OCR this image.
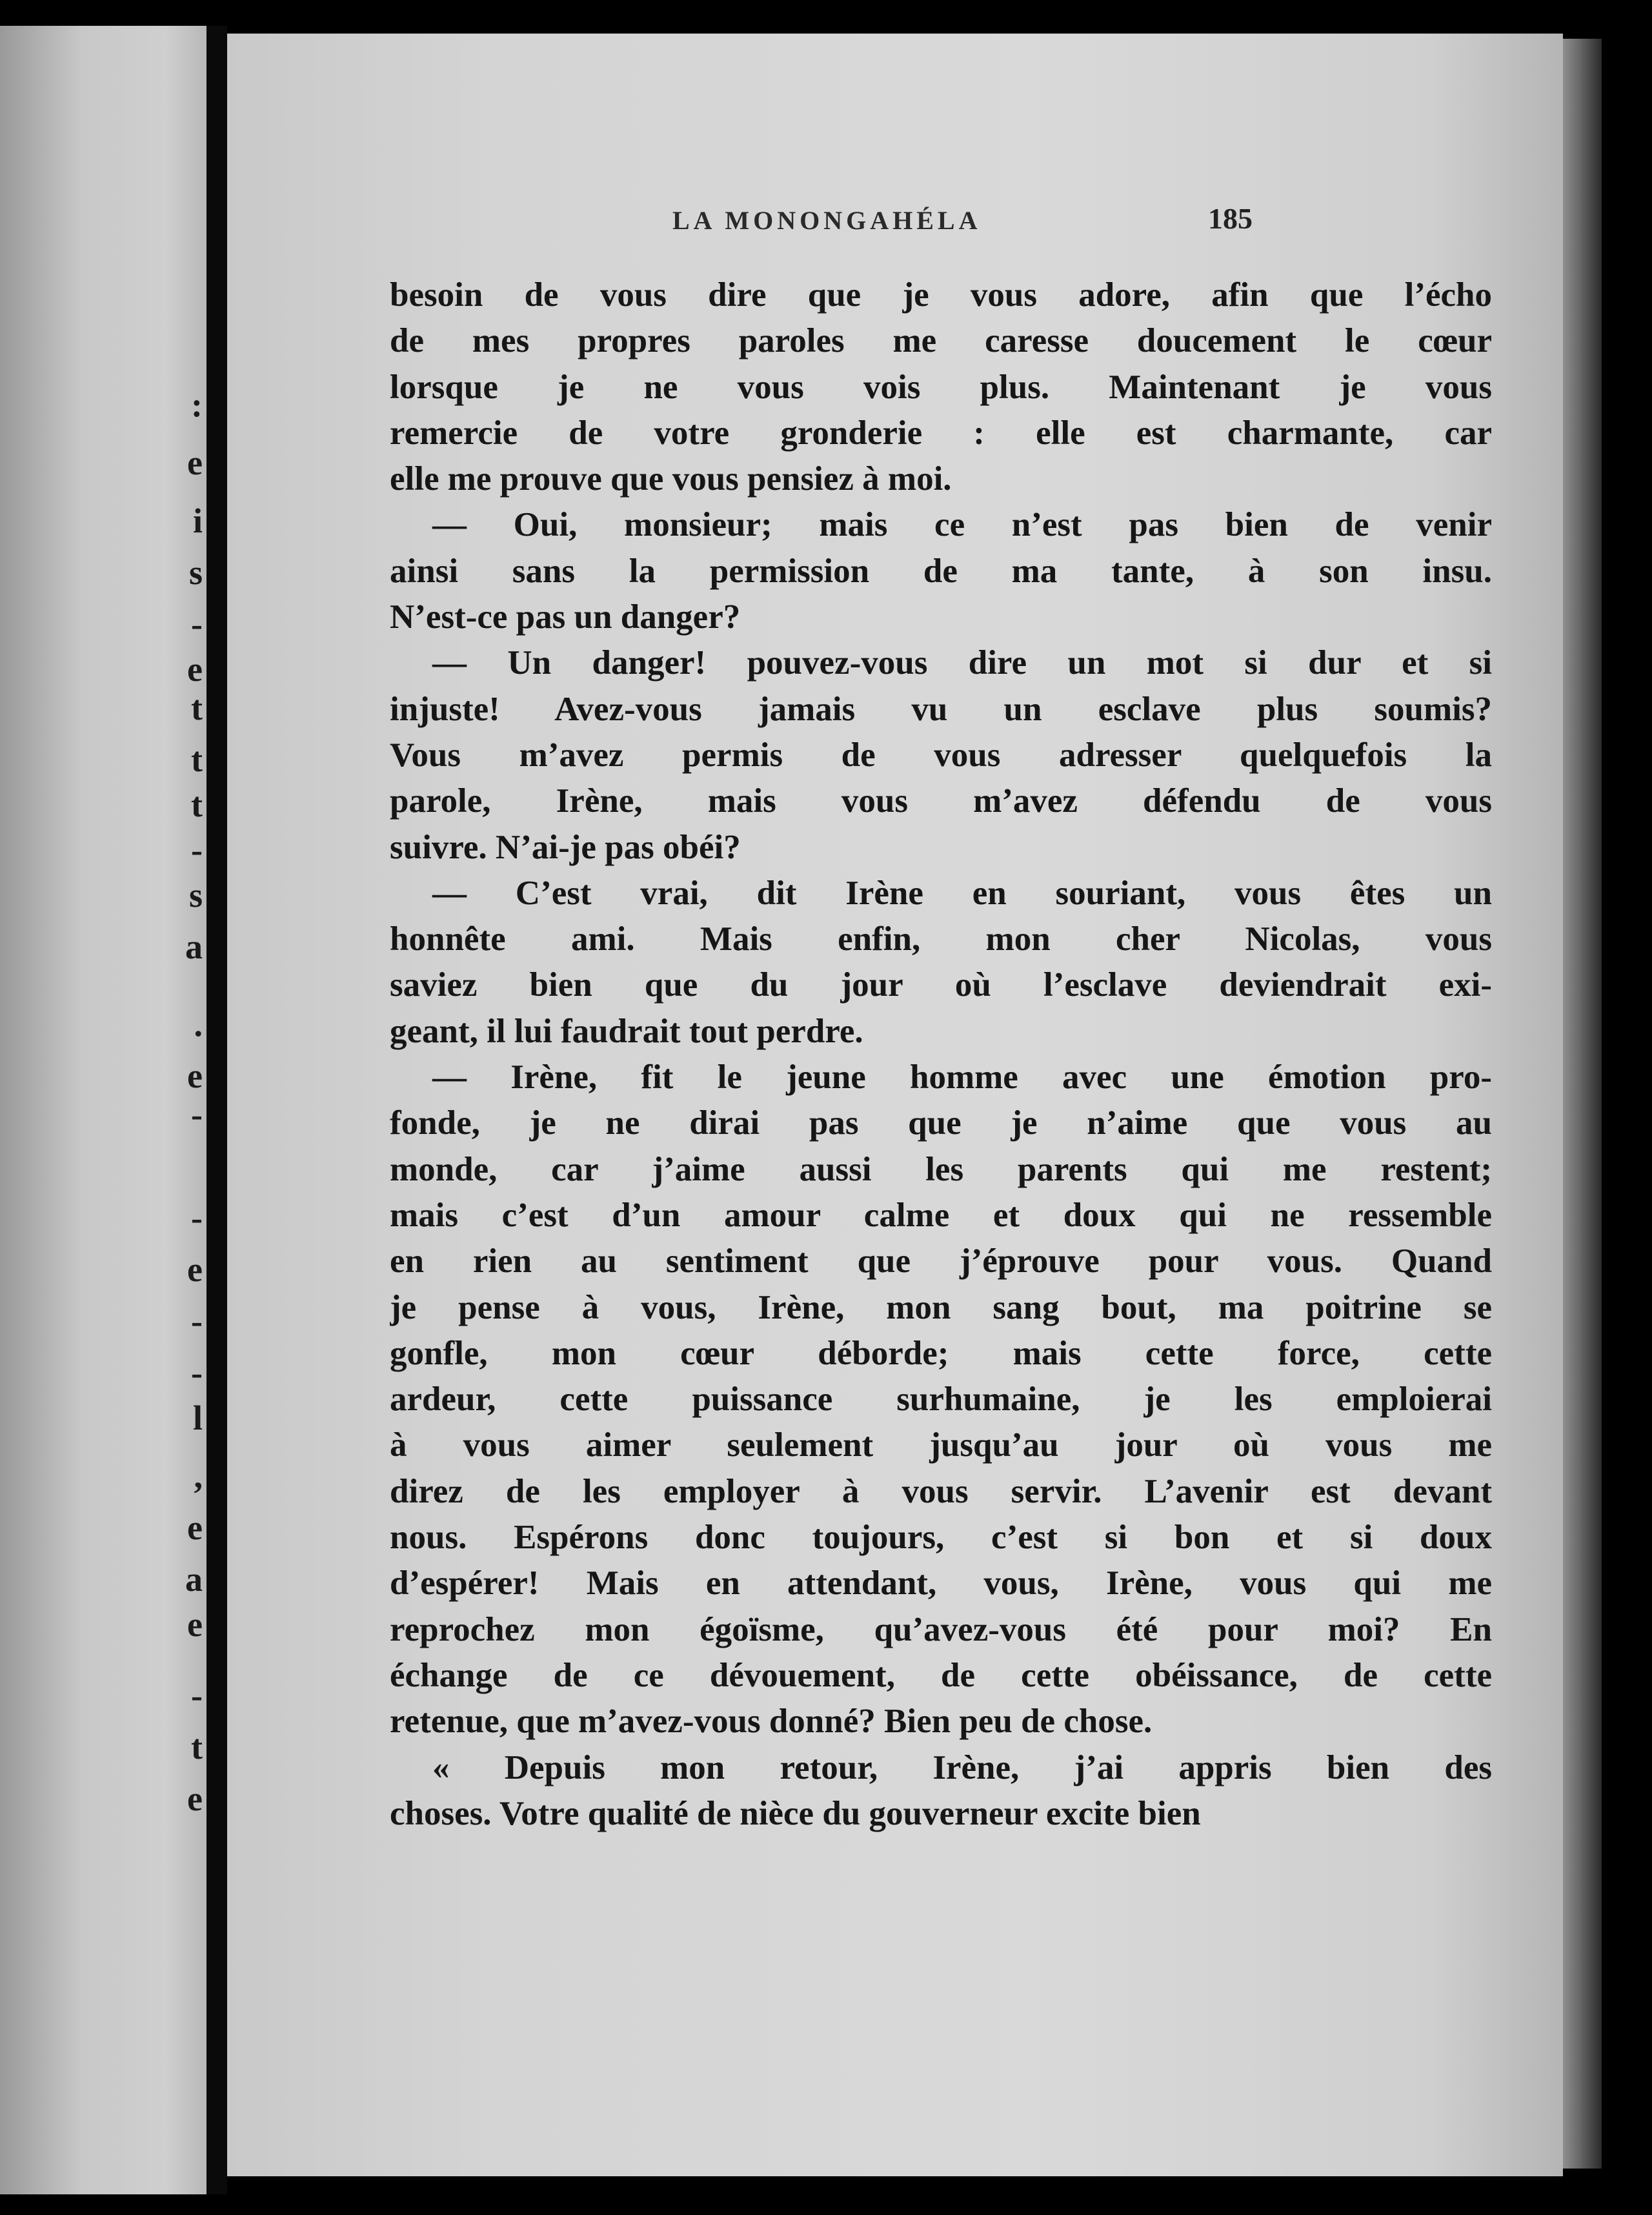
:
e
i
s
-
e
t
t
t
-
s
a
.
e
-
-
e
-
-
l
,
e
a
e
-
t
e
LA MONONGAHÉLA	185
besoin de vous dire que je vous adore, afin que l’écho
de mes propres paroles me caresse doucement le cœur
lorsque je ne vous vois plus. Maintenant je vous
remercie de votre gronderie : elle est charmante, car
elle me prouve que vous pensiez à moi.
— Oui, monsieur; mais ce n’est pas bien de venir
ainsi sans la permission de ma tante, à son insu.
N’est-ce pas un danger?
— Un danger! pouvez-vous dire un mot si dur et si
injuste! Avez-vous jamais vu un esclave plus soumis?
Vous m’avez permis de vous adresser quelquefois la
parole, Irène, mais vous m’avez défendu de vous
suivre. N’ai-je pas obéi?
— C’est vrai, dit Irène en souriant, vous êtes un
honnête ami. Mais enfin, mon cher Nicolas, vous
saviez bien que du jour où l’esclave deviendrait exi-
geant, il lui faudrait tout perdre.
— Irène, fit le jeune homme avec une émotion pro-
fonde, je ne dirai pas que je n’aime que vous au
monde, car j’aime aussi les parents qui me restent;
mais c’est d’un amour calme et doux qui ne ressemble
en rien au sentiment que j’éprouve pour vous. Quand
je pense à vous, Irène, mon sang bout, ma poitrine se
gonfle, mon cœur déborde; mais cette force, cette
ardeur, cette puissance surhumaine, je les emploierai
à vous aimer seulement jusqu’au jour où vous me
direz de les employer à vous servir. L’avenir est devant
nous. Espérons donc toujours, c’est si bon et si doux
d’espérer! Mais en attendant, vous, Irène, vous qui me
reprochez mon égoïsme, qu’avez-vous été pour moi? En
échange de ce dévouement, de cette obéissance, de cette
retenue, que m’avez-vous donné? Bien peu de chose.
« Depuis mon retour, Irène, j’ai appris bien des
choses. Votre qualité de nièce du gouverneur excite bien
